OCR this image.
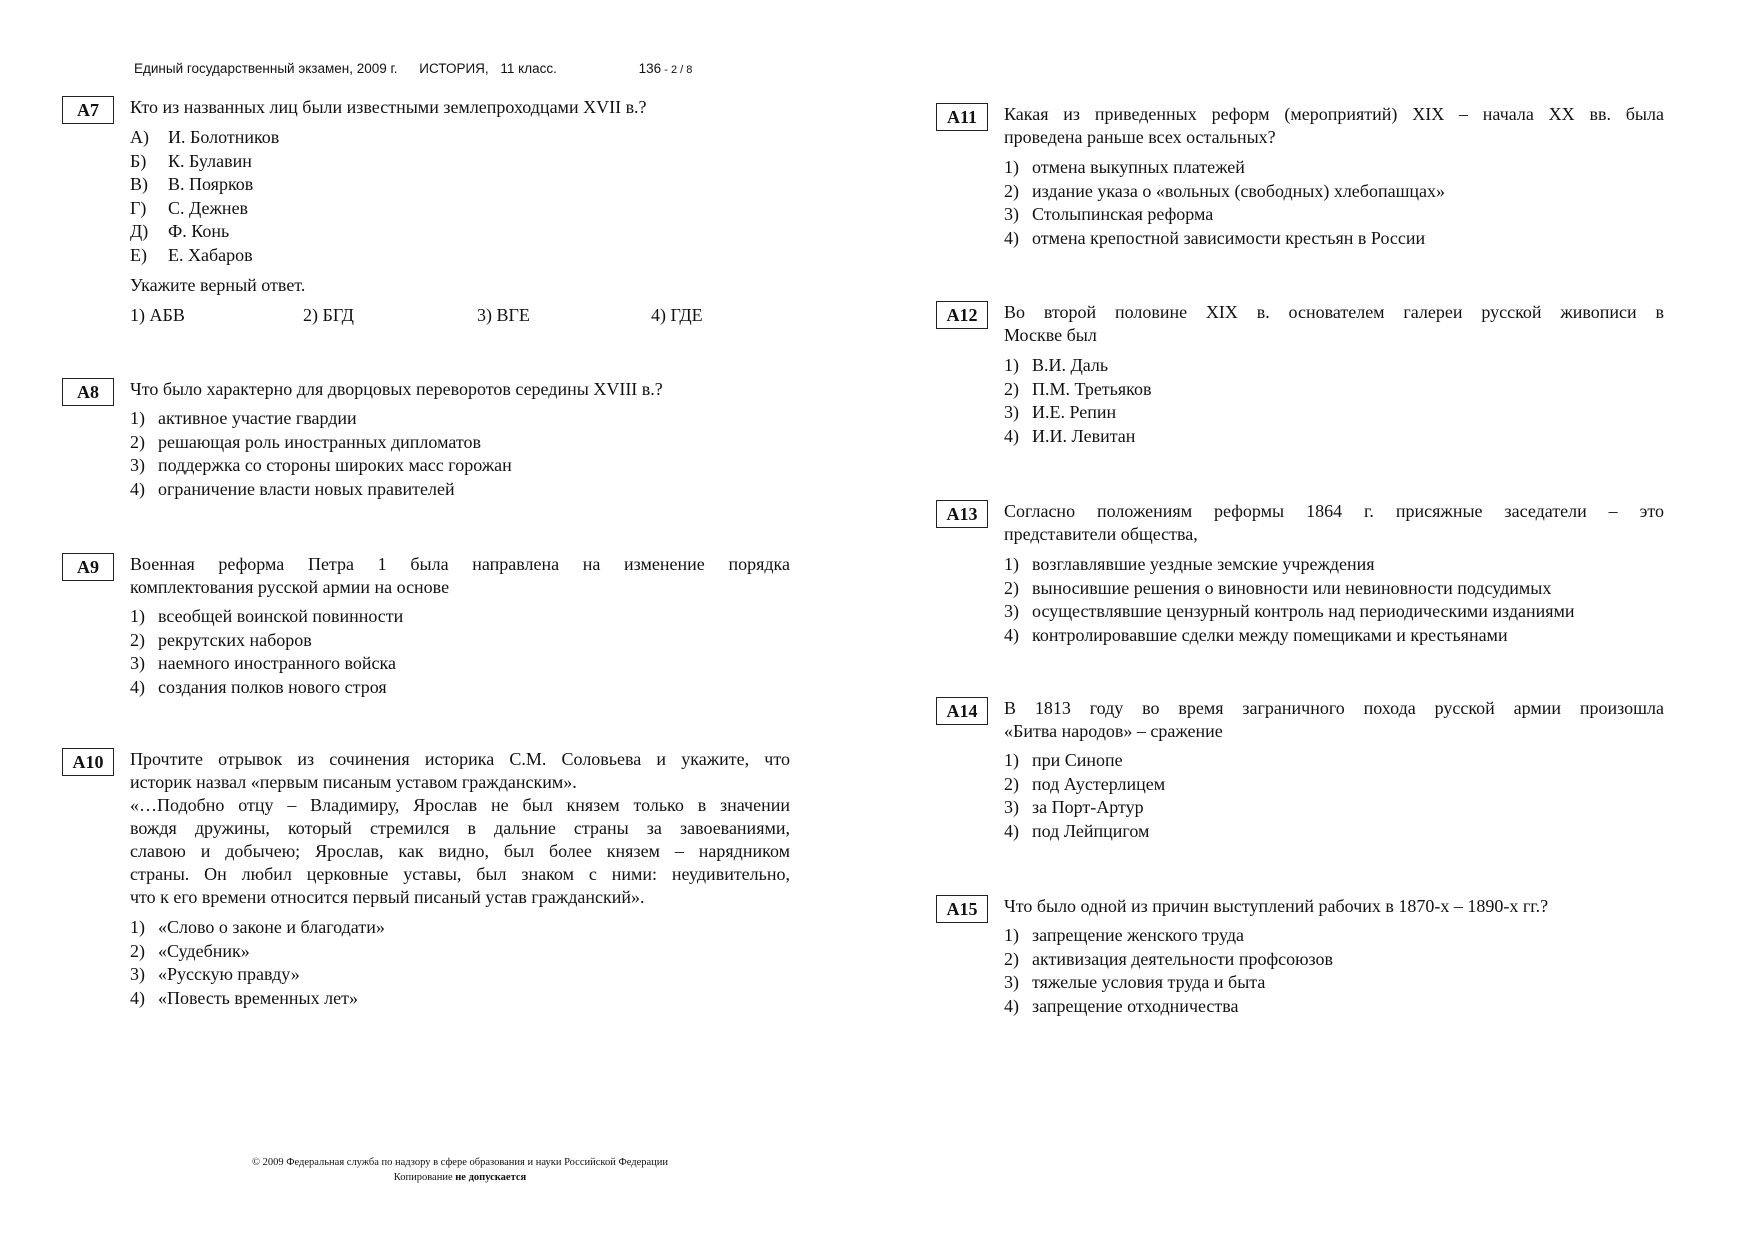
Единый государственный экзамен, 2009 г. ИСТОРИЯ, 11 класс.	136 - 2 / 8
А7	Кто из названных лиц были известными землепроходцами XVII в.?
А) И. Болотников
Б) К. Булавин
В) В. Поярков
Г) С. Дежнев
Д) Ф. Конь
Е) Е. Хабаров
Укажите верный ответ.
1) АБВ	2) БГД	3) ВГЕ	4) ГДЕ
А8	Что было характерно для дворцовых переворотов середины XVIII в.?
1) активное участие гвардии
2) решающая роль иностранных дипломатов
3) поддержка со стороны широких масс горожан
4) ограничение власти новых правителей
А9	Военная реформа Петра 1 была направлена на изменение порядка
комплектования русской армии на основе
1) всеобщей воинской повинности
2) рекрутских наборов
3) наемного иностранного войска
4) создания полков нового строя
А10	Прочтите отрывок из сочинения историка С.М. Соловьева и укажите, что
историк назвал «первым писаным уставом гражданским».
«…Подобно отцу – Владимиру, Ярослав не был князем только в значении
вождя дружины, который стремился в дальние страны за завоеваниями,
славою и добычею; Ярослав, как видно, был более князем – нарядником
страны. Он любил церковные уставы, был знаком с ними: неудивительно,
что к его времени относится первый писаный устав гражданский».
1) «Слово о законе и благодати»
2) «Судебник»
3) «Русскую правду»
4) «Повесть временных лет»
А11	Какая из приведенных реформ (мероприятий) XIX – начала XX вв. была
проведена раньше всех остальных?
1) отмена выкупных платежей
2) издание указа о «вольных (свободных) хлебопашцах»
3) Столыпинская реформа
4) отмена крепостной зависимости крестьян в России
А12	Во второй половине XIX в. основателем галереи русской живописи в
Москве был
1) В.И. Даль
2) П.М. Третьяков
3) И.Е. Репин
4) И.И. Левитан
А13	Согласно положениям реформы 1864 г. присяжные заседатели – это
представители общества,
1) возглавлявшие уездные земские учреждения
2) выносившие решения о виновности или невиновности подсудимых
3) осуществлявшие цензурный контроль над периодическими изданиями
4) контролировавшие сделки между помещиками и крестьянами
А14	В 1813 году во время заграничного похода русской армии произошла
«Битва народов» – сражение
1) при Синопе
2) под Аустерлицем
3) за Порт-Артур
4) под Лейпцигом
А15	Что было одной из причин выступлений рабочих в 1870-х – 1890-х гг.?
1) запрещение женского труда
2) активизация деятельности профсоюзов
3) тяжелые условия труда и быта
4) запрещение отходничества
© 2009 Федеральная служба по надзору в сфере образования и науки Российской Федерации
Копирование не допускается
